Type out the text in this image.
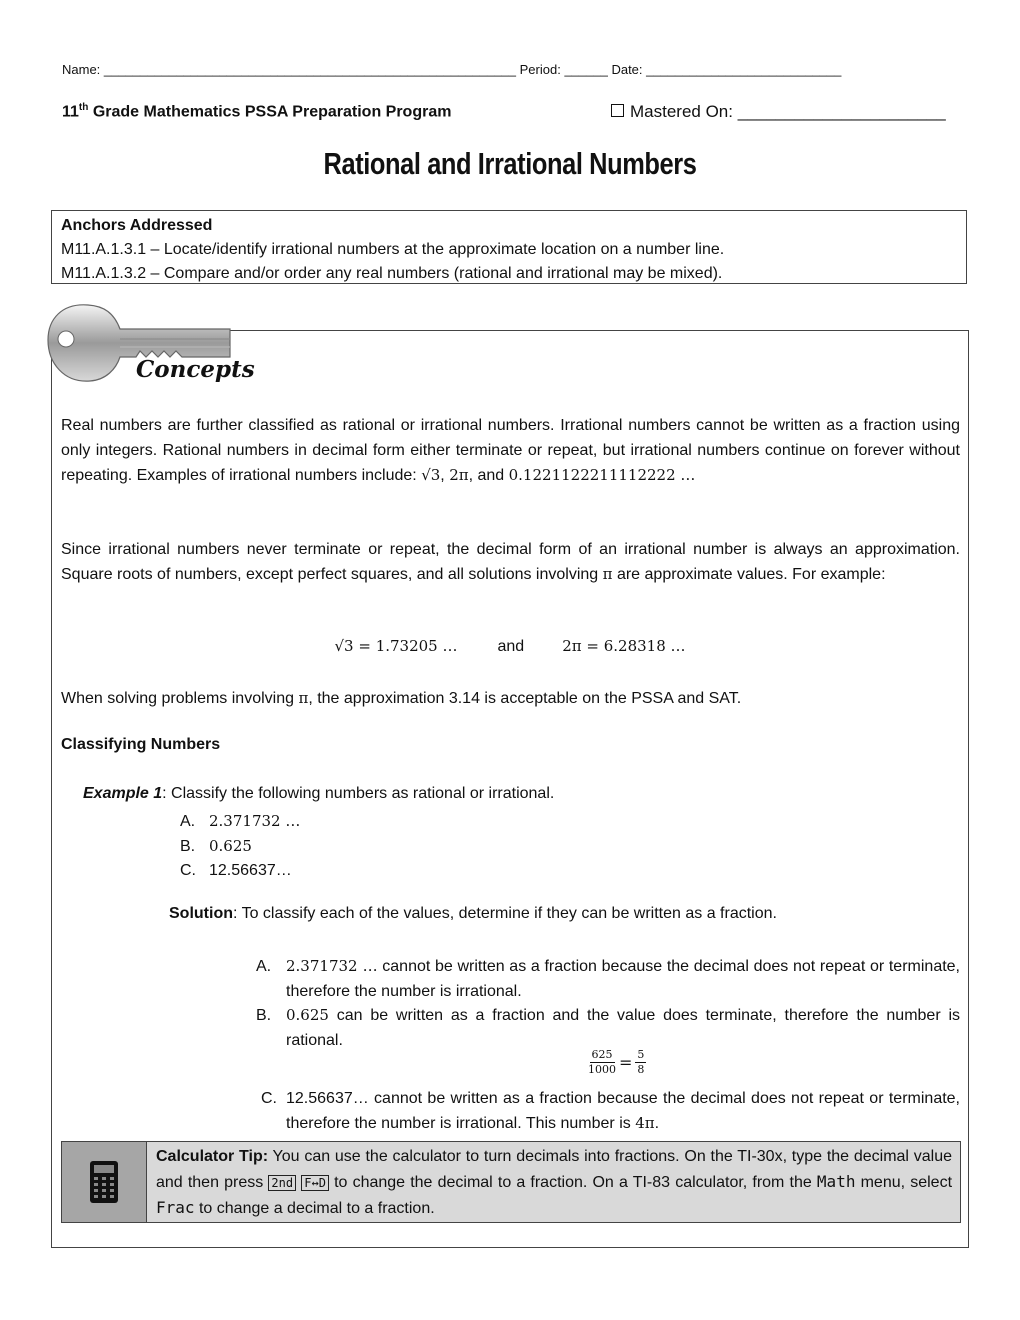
Name: _________________________________________________________ Period: ______ Date: ___________________________
11th Grade Mathematics PSSA Preparation Program	Mastered On: ______________________
Rational and Irrational Numbers
Anchors Addressed
M11.A.1.3.1 – Locate/identify irrational numbers at the approximate location on a number line.
M11.A.1.3.2 – Compare and/or order any real numbers (rational and irrational may be mixed).
Concepts
Real numbers are further classified as rational or irrational numbers. Irrational numbers cannot be written as a fraction using only integers. Rational numbers in decimal form either terminate or repeat, but irrational numbers continue on forever without repeating. Examples of irrational numbers include: √3, 2π, and 0.1221122211112222 …
Since irrational numbers never terminate or repeat, the decimal form of an irrational number is always an approximation. Square roots of numbers, except perfect squares, and all solutions involving π are approximate values. For example:
√3 = 1.73205 …	and	2π = 6.28318 …
When solving problems involving π, the approximation 3.14 is acceptable on the PSSA and SAT.
Classifying Numbers
Example 1: Classify the following numbers as rational or irrational.
A. 2.371732 …
B. 0.625
C. 12.56637…
Solution: To classify each of the values, determine if they can be written as a fraction.
A. 2.371732 … cannot be written as a fraction because the decimal does not repeat or terminate, therefore the number is irrational.
B. 0.625 can be written as a fraction and the value does terminate, therefore the number is rational.
$\frac{625}{1000} = \frac{5}{8}$
C. 12.56637… cannot be written as a fraction because the decimal does not repeat or terminate, therefore the number is irrational. This number is 4π.
Calculator Tip: You can use the calculator to turn decimals into fractions. On the TI-30x, type the decimal value and then press 2nd F↔D to change the decimal to a fraction. On a TI-83 calculator, from the Math menu, select Frac to change a decimal to a fraction.
